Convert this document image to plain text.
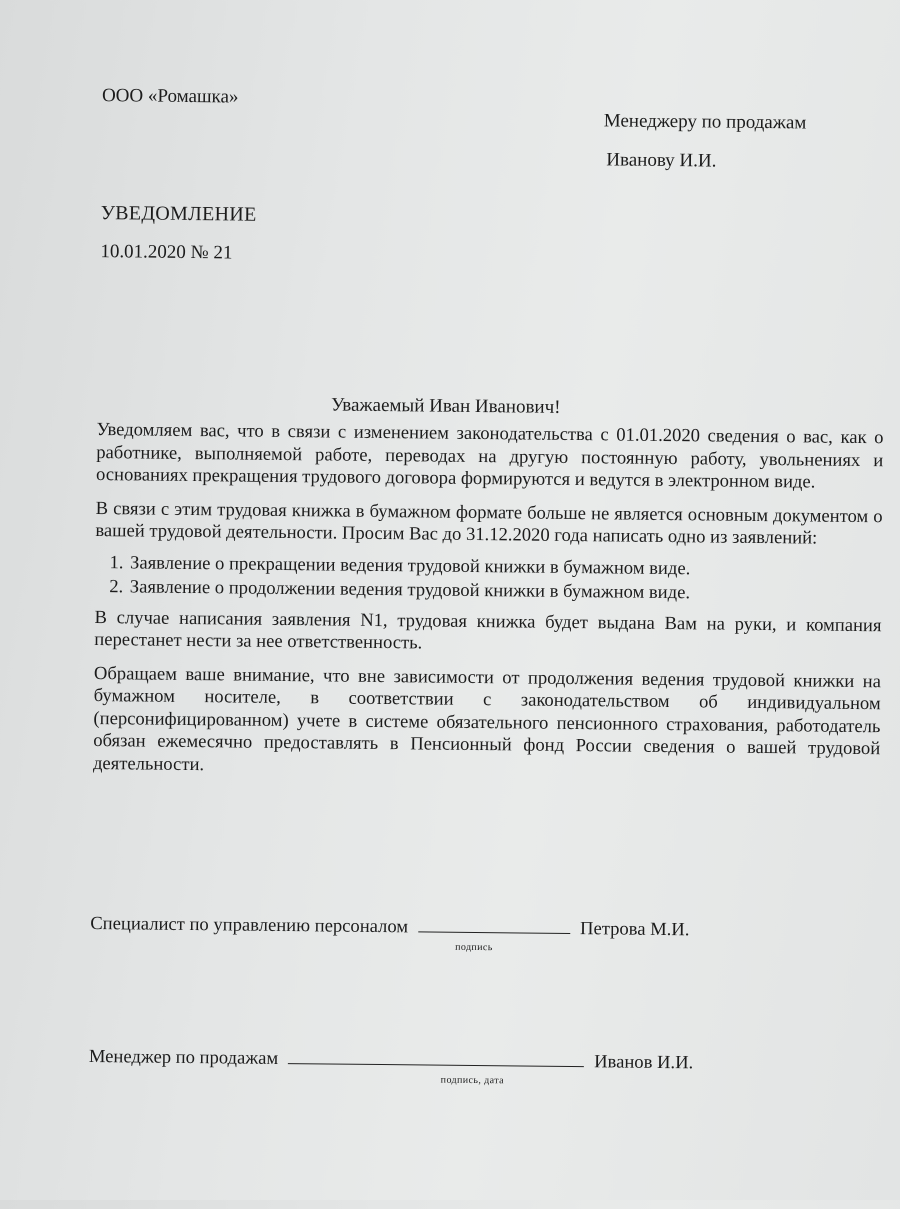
ООО «Ромашка»
Менеджеру по продажам
Иванову И.И.
УВЕДОМЛЕНИЕ
10.01.2020 № 21
Уважаемый Иван Иванович!

Уведомляем вас, что в связи с изменением законодательства с 01.01.2020 сведения о вас, как о работнике, выполняемой работе, переводах на другую постоянную работу, увольнениях и основаниях прекращения трудового договора формируются и ведутся в электронном виде.

В связи с этим трудовая книжка в бумажном формате больше не является основным документом о вашей трудовой деятельности. Просим Вас до 31.12.2020 года написать одно из заявлений:

1. Заявление о прекращении ведения трудовой книжки в бумажном виде.
2. Заявление о продолжении ведения трудовой книжки в бумажном виде.

В случае написания заявления N1, трудовая книжка будет выдана Вам на руки, и компания перестанет нести за нее ответственность.

Обращаем ваше внимание, что вне зависимости от продолжения ведения трудовой книжки на бумажном носителе, в соответствии с законодательством об индивидуальном (персонифицированном) учете в системе обязательного пенсионного страхования, работодатель обязан ежемесячно предоставлять в Пенсионный фонд России сведения о вашей трудовой деятельности.

Специалист по управлению персоналом	Петрова М.И.
подпись
Менеджер по продажам	Иванов И.И.
подпись, дата
